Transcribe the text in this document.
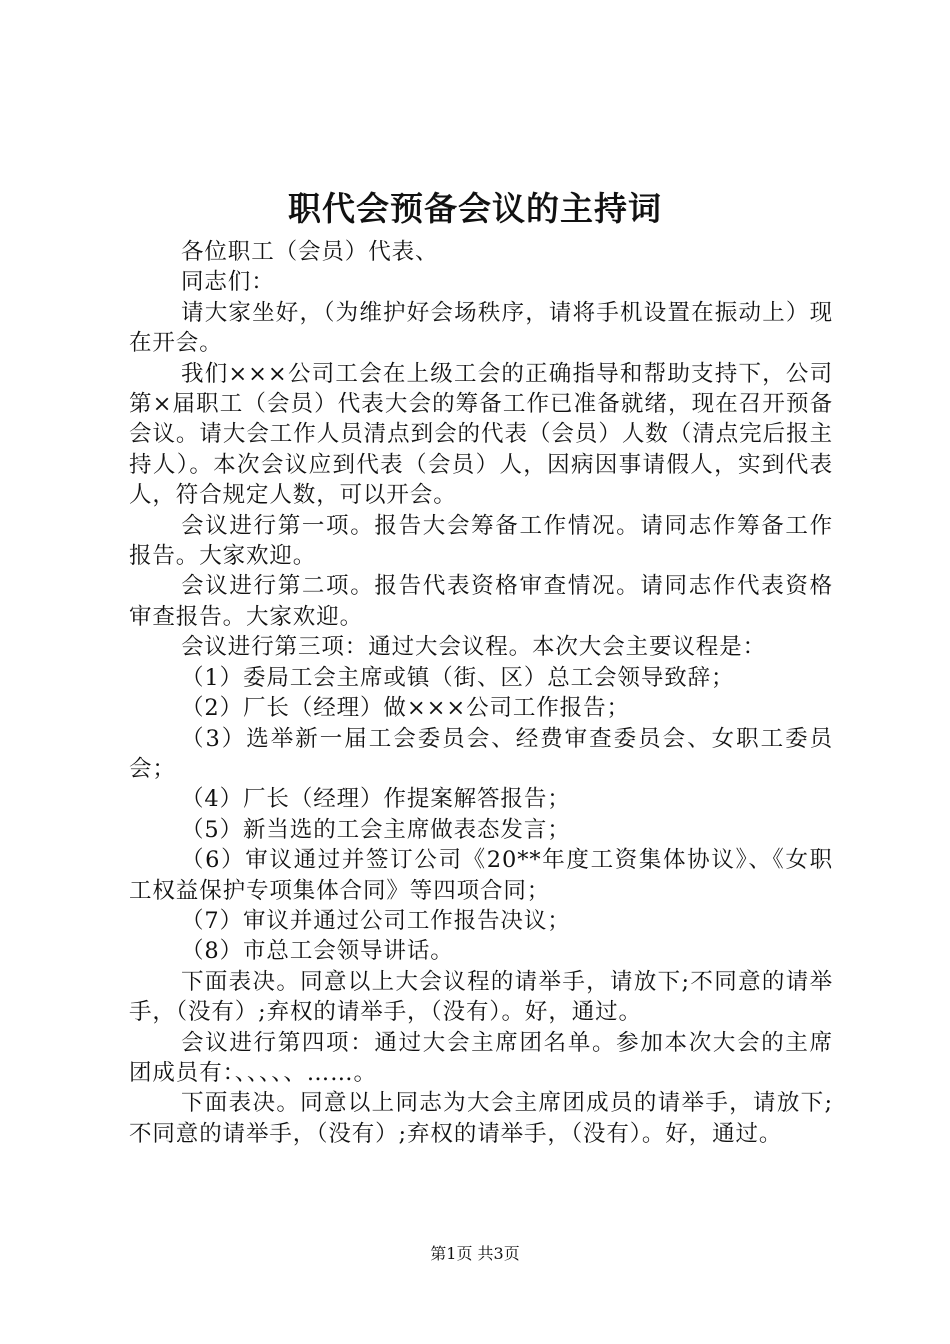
职代会预备会议的主持词

各位职工（会员）代表、

同志们：

请大家坐好，（为维护好会场秩序，请将手机设置在振动上）现在开会。

我们×××公司工会在上级工会的正确指导和帮助支持下，公司第×届职工（会员）代表大会的筹备工作已准备就绪，现在召开预备会议。请大会工作人员清点到会的代表（会员）人数（清点完后报主持人）。本次会议应到代表（会员）人，因病因事请假人，实到代表人，符合规定人数，可以开会。

会议进行第一项。报告大会筹备工作情况。请同志作筹备工作报告。大家欢迎。

会议进行第二项。报告代表资格审查情况。请同志作代表资格审查报告。大家欢迎。

会议进行第三项：通过大会议程。本次大会主要议程是：

（1）委局工会主席或镇（街、区）总工会领导致辞；

（2）厂长（经理）做×××公司工作报告；

（3）选举新一届工会委员会、经费审查委员会、女职工委员会；

（4）厂长（经理）作提案解答报告；

（5）新当选的工会主席做表态发言；

（6）审议通过并签订公司《20**年度工资集体协议》、《女职工权益保护专项集体合同》等四项合同；

（7）审议并通过公司工作报告决议；

（8）市总工会领导讲话。

下面表决。同意以上大会议程的请举手，请放下;不同意的请举手，（没有）;弃权的请举手，（没有）。好，通过。

会议进行第四项：通过大会主席团名单。参加本次大会的主席团成员有：、、、、、……。

下面表决。同意以上同志为大会主席团成员的请举手，请放下;不同意的请举手，（没有）;弃权的请举手，（没有）。好，通过。

第1页 共3页
